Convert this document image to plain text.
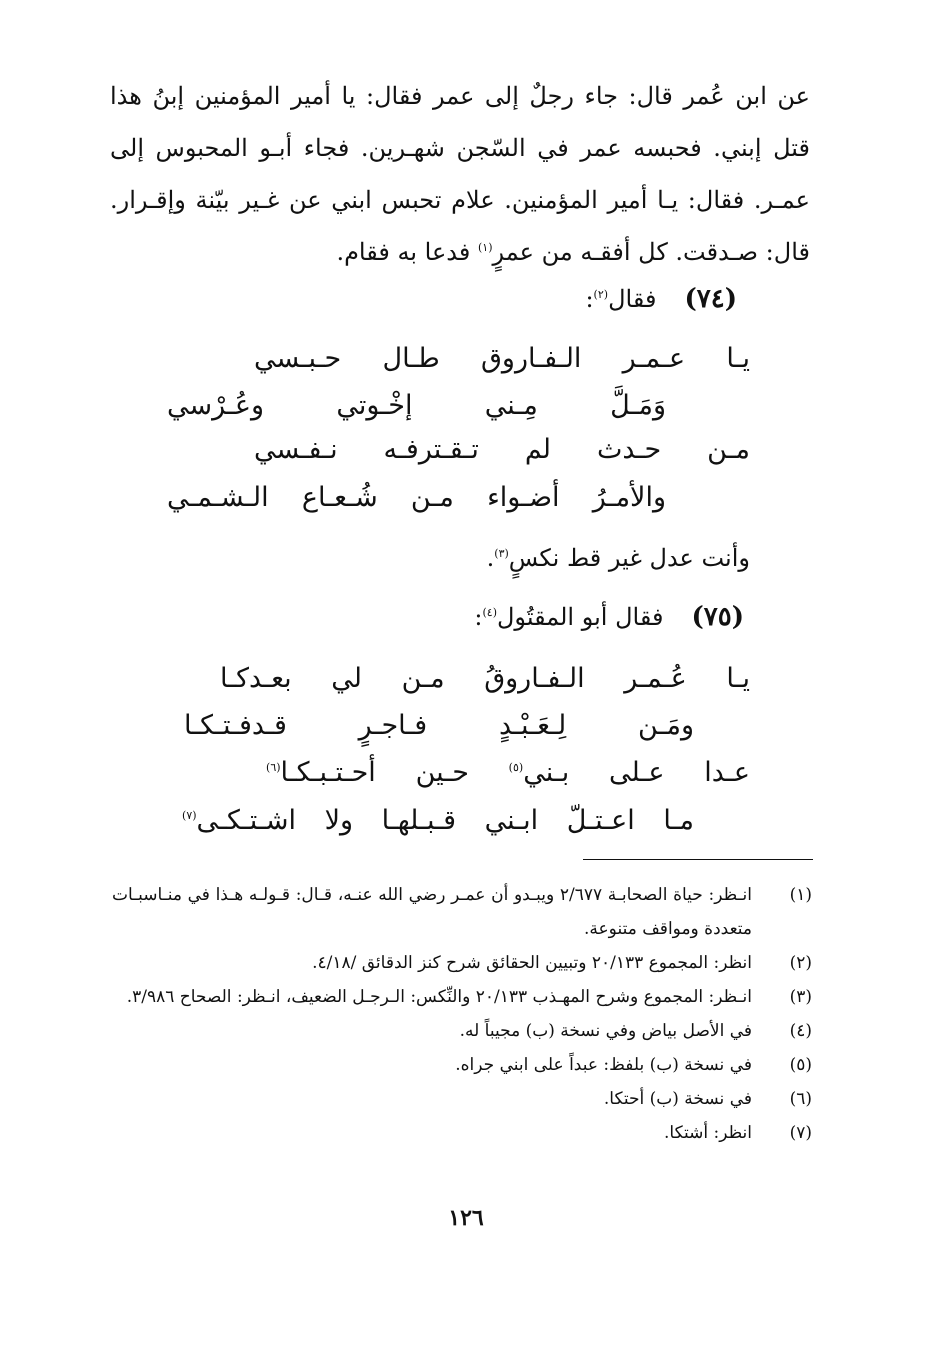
عن ابن عُمر قال: جاء رجلٌ إلى عمر فقال: يا أمير المؤمنين إبنُ هذا قتل إبني. فحبسه عمر في السّجن شهـرين. فجاء أبـو المحبوس إلى عمـر. فقال: يـا أمير المؤمنين. علام تحبس ابني عن غـير بيّنة وإقـرار. قال: صـدقت. كل أفقـه من عمرٍ$^{(١)}$ فدعا به فقام.

(٧٤)فقال$^{(٢)}$:
يـا
عـمـر
الـفـاروق
طـال
حـبـسي
وَمَـلَّ
مِـني
إخْـوتي
وعُـرْسي
مـن
حـدث
لم
تـقـترفـه
نـفـسي
والأمـرُ
أضـواء
مـن
شُـعـاع
الـشـمـي
وأنت عدل غير قط نكسٍ$^{(٣)}$.
(٧٥)فقال أبو المقتُول$^{(٤)}$:
يـا
عُـمـر
الـفـاروقُ
مـن
لي
بعـدكـا
ومَـن
لِـعَـبْـدٍ
فـاجـرٍ
قـدفـتـكـا
عـدا
عـلى
بـني$^{(٥)}$
حـين
أحـتـبـكـا$^{(٦)}$
مـا
اعـتـلّ
ابـني
قـبـلهـا
ولا
اشـتـكـى$^{(٧)}$
(١)
انـظر: حياة الصحابـة ٢/٦٧٧ ويبـدو أن عمـر رضي الله عنـه، قـال: قـولـه هـذا في منـاسبـات متعددة ومواقف متنوعة.
(٢)
انظر: المجموع ٢٠/١٣٣ وتبيين الحقائق شرح كنز الدقائق /٤/١٨.
(٣)
انـظر: المجموع وشرح المهـذب ٢٠/١٣٣ والنِّكس: الـرجـل الضعيف، انـظر: الصحاح ٣/٩٨٦.
(٤)
في الأصل بياض وفي نسخة (ب) مجيباً له.
(٥)
في نسخة (ب) بلفظ: عبداً على ابني جراه.
(٦)
في نسخة (ب) أحتكا.
(٧)
انظر: أشتكا.
١٢٦
